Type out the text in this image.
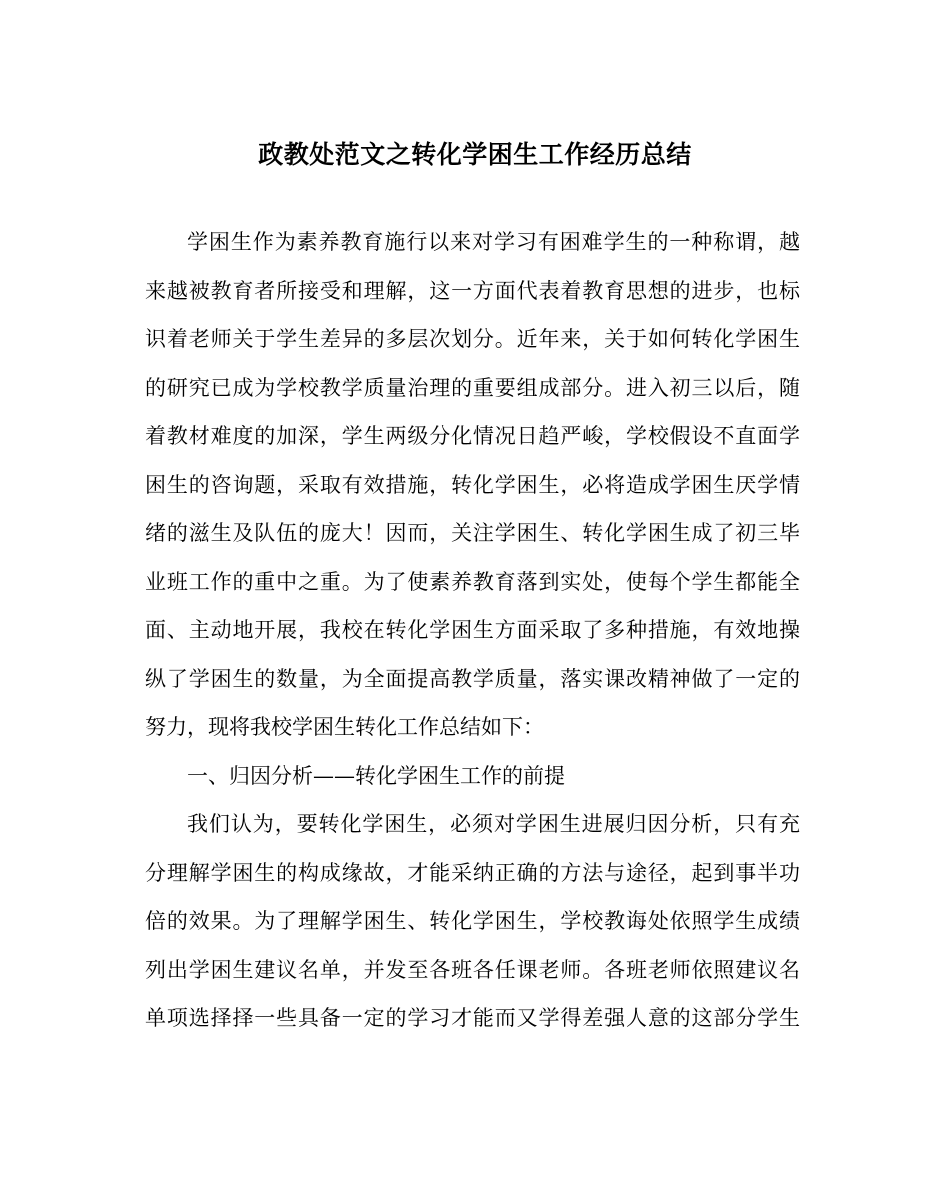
政教处范文之转化学困生工作经历总结
学困生作为素养教育施行以来对学习有困难学生的一种称谓，越
来越被教育者所接受和理解，这一方面代表着教育思想的进步，也标
识着老师关于学生差异的多层次划分。近年来，关于如何转化学困生
的研究已成为学校教学质量治理的重要组成部分。进入初三以后，随
着教材难度的加深，学生两级分化情况日趋严峻，学校假设不直面学
困生的咨询题，采取有效措施，转化学困生，必将造成学困生厌学情
绪的滋生及队伍的庞大！因而，关注学困生、转化学困生成了初三毕
业班工作的重中之重。为了使素养教育落到实处，使每个学生都能全
面、主动地开展，我校在转化学困生方面采取了多种措施，有效地操
纵了学困生的数量，为全面提高教学质量，落实课改精神做了一定的
努力，现将我校学困生转化工作总结如下：
一、归因分析——转化学困生工作的前提
我们认为，要转化学困生，必须对学困生进展归因分析，只有充
分理解学困生的构成缘故，才能采纳正确的方法与途径，起到事半功
倍的效果。为了理解学困生、转化学困生，学校教诲处依照学生成绩
列出学困生建议名单，并发至各班各任课老师。各班老师依照建议名
单项选择择一些具备一定的学习才能而又学得差强人意的这部分学生
